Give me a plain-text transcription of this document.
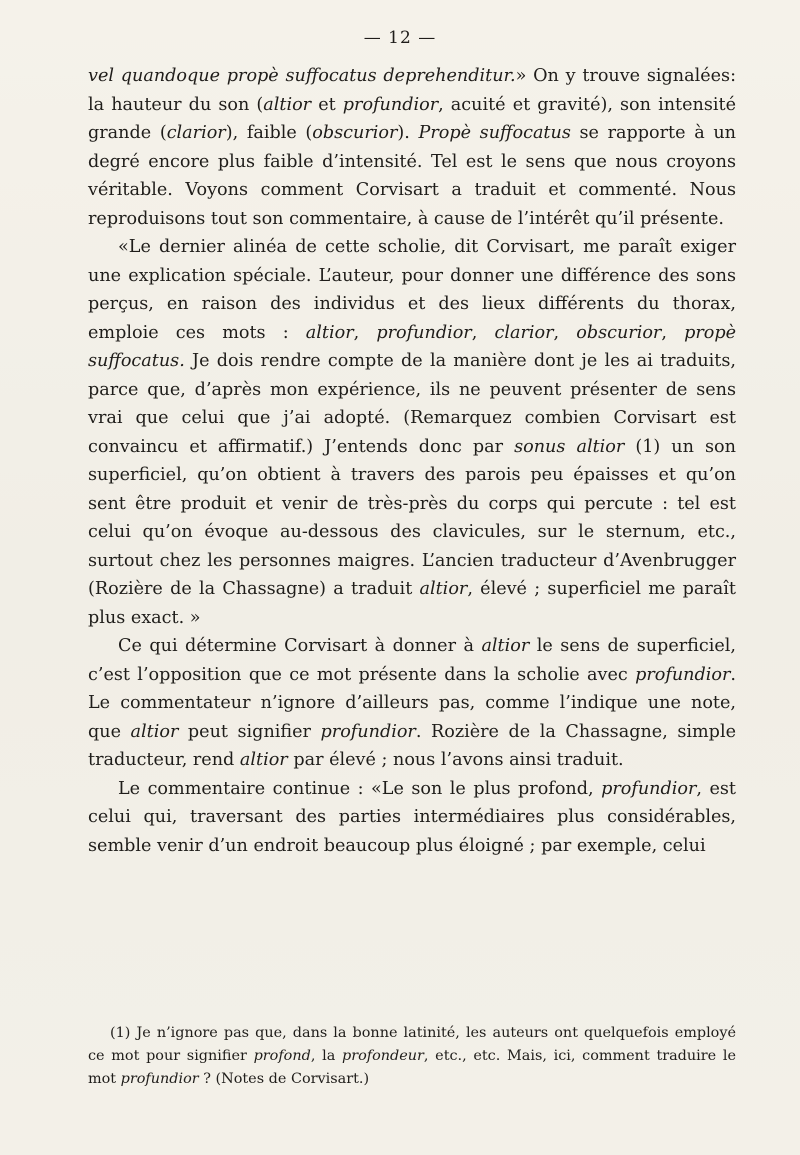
— 12 —

vel quandoque propè suffocatus deprehenditur.» On y trouve signalées: la hauteur du son (altior et profundior, acuité et gravité), son intensité grande (clarior), faible (obscurior). Propè suffocatus se rapporte à un degré encore plus faible d’intensité. Tel est le sens que nous croyons véritable. Voyons comment Corvisart a traduit et commenté. Nous reproduisons tout son commentaire, à cause de l’intérêt qu’il présente.

«Le dernier alinéa de cette scholie, dit Corvisart, me paraît exiger une explication spéciale. L’auteur, pour donner une différence des sons perçus, en raison des individus et des lieux différents du thorax, emploie ces mots : altior, profundior, clarior, obscurior, propè suffocatus. Je dois rendre compte de la manière dont je les ai traduits, parce que, d’après mon expérience, ils ne peuvent présenter de sens vrai que celui que j’ai adopté. (Remarquez combien Corvisart est convaincu et affirmatif.) J’entends donc par sonus altior (1) un son superficiel, qu’on obtient à travers des parois peu épaisses et qu’on sent être produit et venir de très-près du corps qui percute : tel est celui qu’on évoque au-dessous des clavicules, sur le sternum, etc., surtout chez les personnes maigres. L’ancien traducteur d’Avenbrugger (Rozière de la Chassagne) a traduit altior, élevé ; superficiel me paraît plus exact. »

Ce qui détermine Corvisart à donner à altior le sens de superficiel, c’est l’opposition que ce mot présente dans la scholie avec profundior. Le commentateur n’ignore d’ailleurs pas, comme l’indique une note, que altior peut signifier profundior. Rozière de la Chassagne, simple traducteur, rend altior par élevé ; nous l’avons ainsi traduit.

Le commentaire continue : «Le son le plus profond, profundior, est celui qui, traversant des parties intermédiaires plus considérables, semble venir d’un endroit beaucoup plus éloigné ; par exemple, celui

(1) Je n’ignore pas que, dans la bonne latinité, les auteurs ont quelquefois employé ce mot pour signifier profond, la profondeur, etc., etc. Mais, ici, comment traduire le mot profundior ? (Notes de Corvisart.)
